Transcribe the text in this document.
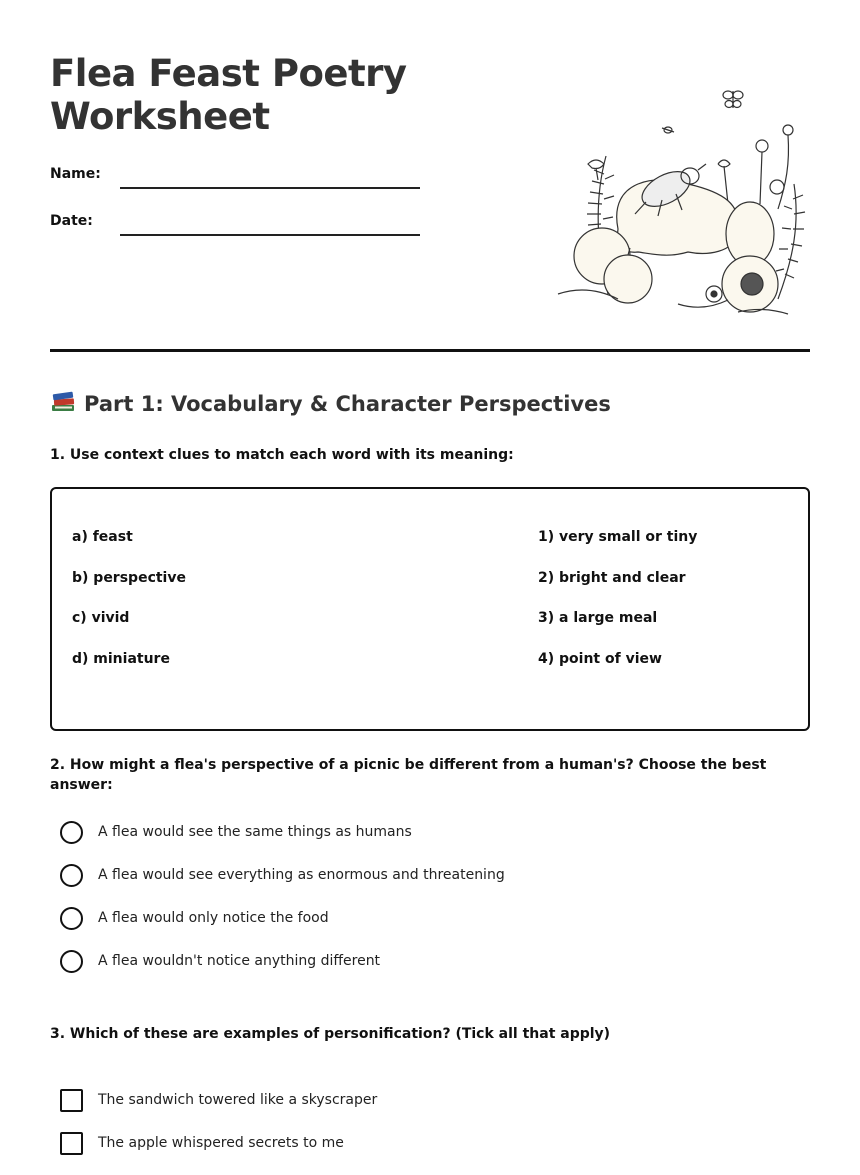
Flea Feast Poetry Worksheet
Name:
Date:
Part 1: Vocabulary & Character Perspectives

1. Use context clues to match each word with its meaning:

a) feast
b) perspective
c) vivid
d) miniature
1) very small or tiny
2) bright and clear
3) a large meal
4) point of view

2. How might a flea's perspective of a picnic be different from a human's? Choose the best answer:

A flea would see the same things as humans
A flea would see everything as enormous and threatening
A flea would only notice the food
A flea wouldn't notice anything different

3. Which of these are examples of personification? (Tick all that apply)

The sandwich towered like a skyscraper
The apple whispered secrets to me
